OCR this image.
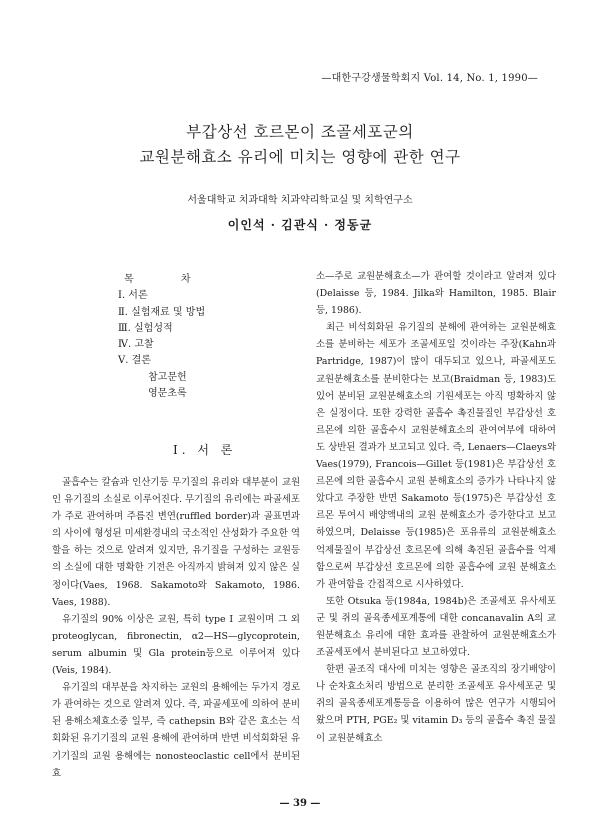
—대한구강생물학회지 Vol. 14, No. 1, 1990—
부갑상선 호르몬이 조골세포군의
교원분해효소 유리에 미치는 영향에 관한 연구
서울대학교 치과대학 치과약리학교실 및 치학연구소
이인석 · 김관식 · 정동균
목 차
Ⅰ. 서론
Ⅱ. 실험재료 및 방법
Ⅲ. 실험성적
Ⅳ. 고찰
Ⅴ. 결론
참고문헌
영문초록
Ⅰ. 서 론

골흡수는 칼슘과 인산기등 무기질의 유리와 대부분이 교원인 유기질의 소실로 이루어진다. 무기질의 유리에는 파골세포가 주로 관여하며 주름진 변연(ruffled border)과 골표면과의 사이에 형성된 미세환경내의 국소적인 산성화가 주요한 역할을 하는 것으로 알려져 있지만, 유기질을 구성하는 교원등의 소실에 대한 명확한 기전은 아직까지 밝혀져 있지 않은 실정이다(Vaes, 1968. Sakamoto와 Sakamoto, 1986. Vaes, 1988).

유기질의 90% 이상은 교원, 특히 type Ⅰ 교원이며 그 외 proteoglycan, fibronectin, α2—HS—glycoprotein, serum albumin 및 Gla protein등으로 이루어져 있다(Veis, 1984).

유기질의 대부분을 차지하는 교원의 용해에는 두가지 경로가 관여하는 것으로 알려져 있다. 즉, 파골세포에 의하여 분비된 용해소체효소중 일부, 즉 cathepsin B와 같은 효소는 석회화된 유기기질의 교원 용해에 관여하며 반면 비석회화된 유기기질의 교원 용해에는 nonosteoclastic cell에서 분비된 효

소—주로 교원분해효소—가 관여할 것이라고 알려져 있다(Delaisse 등, 1984. Jilka와 Hamilton, 1985. Blair 등, 1986).

최근 비석회화된 유기질의 분해에 관여하는 교원분해효소를 분비하는 세포가 조골세포일 것이라는 주장(Kahn과 Partridge, 1987)이 많이 대두되고 있으나, 파골세포도 교원분해효소를 분비한다는 보고(Braidman 등, 1983)도 있어 분비된 교원분해효소의 기원세포는 아직 명확하지 않은 실정이다. 또한 강력한 골흡수 촉진물질인 부갑상선 호르몬에 의한 골흡수시 교원분해효소의 관여여부에 대하여도 상반된 결과가 보고되고 있다. 즉, Lenaers—Claeys와 Vaes(1979), Francois—Gillet 등(1981)은 부갑상선 호르몬에 의한 골흡수시 교원 분해효소의 증가가 나타나지 않았다고 주장한 반면 Sakamoto 등(1975)은 부갑상선 호르몬 투여시 배양액내의 교원 분해효소가 증가한다고 보고하였으며, Delaisse 등(1985)은 포유류의 교원분해효소 억제물질이 부갑상선 호르몬에 의해 촉진된 골흡수를 억제함으로써 부갑상선 호르몬에 의한 골흡수에 교원 분해효소가 관여함을 간접적으로 시사하였다.

또한 Otsuka 등(1984a, 1984b)은 조골세포 유사세포군 및 쥐의 골육종세포계통에 대한 concanavalin A의 교원분해효소 유리에 대한 효과를 관찰하여 교원분해효소가 조골세포에서 분비된다고 보고하였다.

한편 골조직 대사에 미치는 영향은 골조직의 장기배양이나 순차효소처리 방법으로 분리한 조골세포 유사세포군 및 쥐의 골육종세포계통등을 이용하여 많은 연구가 시행되어 왔으며 PTH, PGE₂ 및 vitamin D₃ 등의 골흡수 촉진 물질이 교원분해효소

— 39 —
